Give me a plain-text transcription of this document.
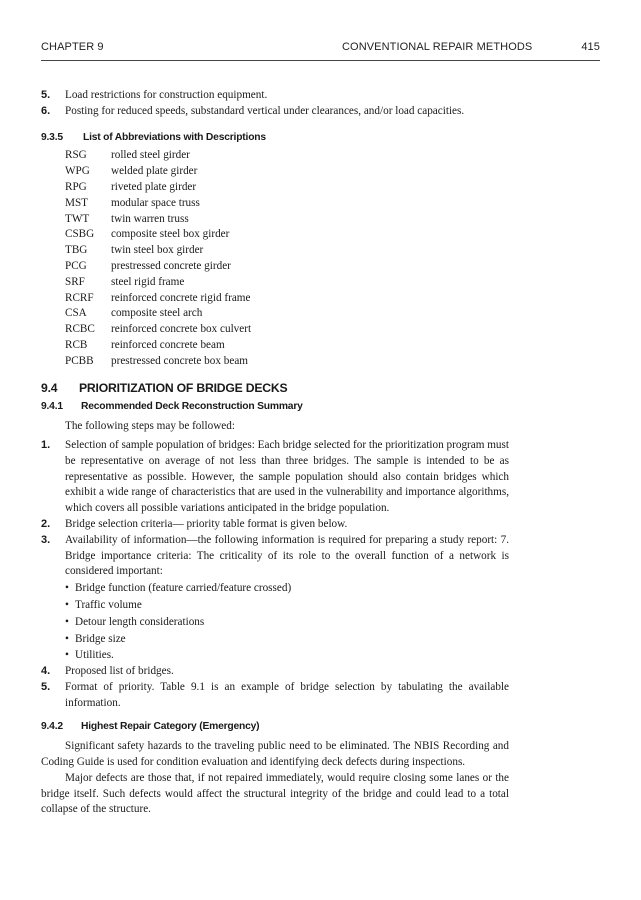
CHAPTER 9	CONVENTIONAL REPAIR METHODS	415
5. Load restrictions for construction equipment.
6. Posting for reduced speeds, substandard vertical under clearances, and/or load capacities.
9.3.5 List of Abbreviations with Descriptions
RSG	rolled steel girder
WPG	welded plate girder
RPG	riveted plate girder
MST	modular space truss
TWT	twin warren truss
CSBG	composite steel box girder
TBG	twin steel box girder
PCG	prestressed concrete girder
SRF	steel rigid frame
RCRF	reinforced concrete rigid frame
CSA	composite steel arch
RCBC	reinforced concrete box culvert
RCB	reinforced concrete beam
PCBB	prestressed concrete box beam
9.4 PRIORITIZATION OF BRIDGE DECKS
9.4.1 Recommended Deck Reconstruction Summary
The following steps may be followed:
1. Selection of sample population of bridges: Each bridge selected for the prioritization program must be representative on average of not less than three bridges. The sample is intended to be as representative as possible. However, the sample population should also contain bridges which exhibit a wide range of characteristics that are used in the vulnerability and importance algorithms, which covers all possible variations anticipated in the bridge population.
2. Bridge selection criteria— priority table format is given below.
3. Availability of information—the following information is required for preparing a study report: 7.     Bridge importance criteria: The criticality of its role to the overall function of a network is considered important:
• Bridge function (feature carried/feature crossed)
• Traffic volume
• Detour length considerations
• Bridge size
• Utilities.
4. Proposed list of bridges.
5. Format of priority. Table 9.1 is an example of bridge selection by tabulating the available information.
9.4.2 Highest Repair Category (Emergency)
Significant safety hazards to the traveling public need to be eliminated. The NBIS Recording and Coding Guide is used for condition evaluation and identifying deck defects during inspections.
Major defects are those that, if not repaired immediately, would require closing some lanes or the bridge itself. Such defects would affect the structural integrity of the bridge and could lead to a total collapse of the structure.
